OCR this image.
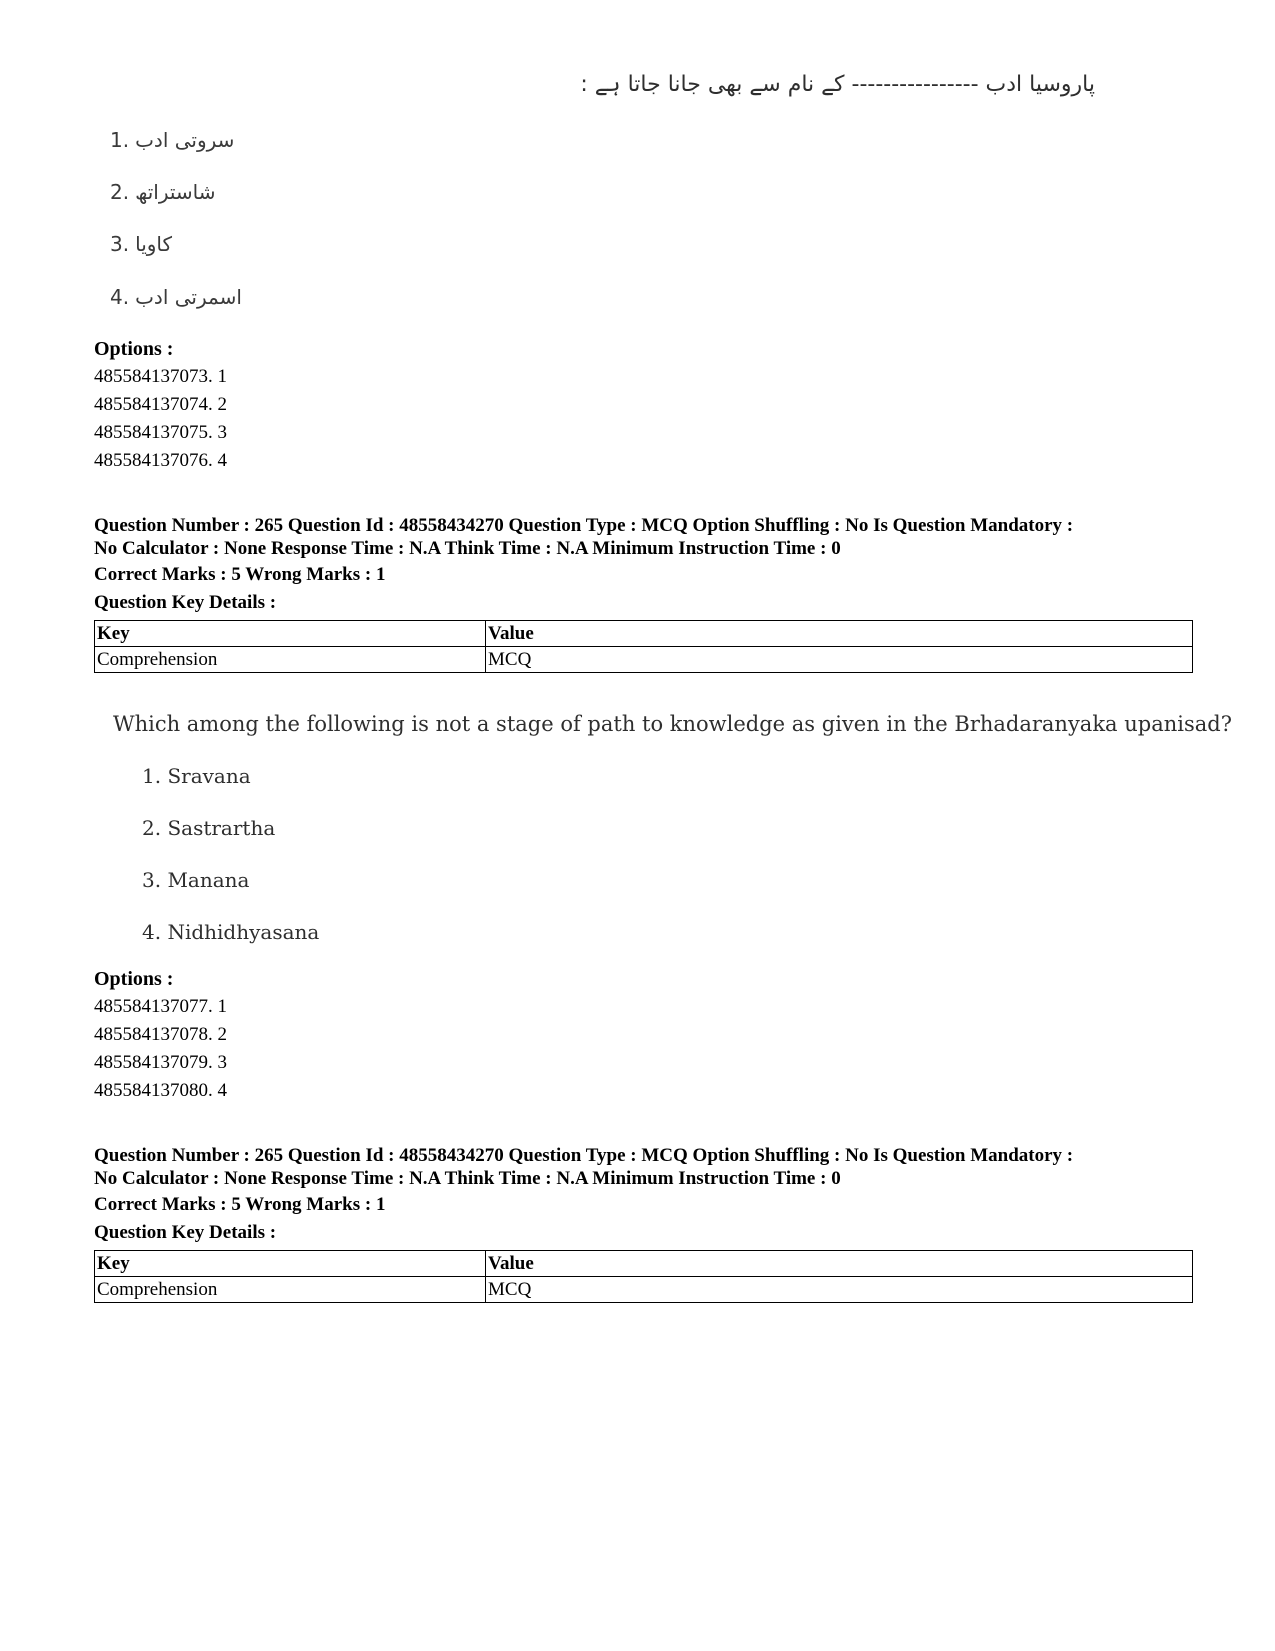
پاروسیا ادب ---------------- کے نام سے بھی جانا جاتا ہے :
1. سروتی ادب
2. شاستراتھ
3. کاویا
4. اسمرتی ادب
Options :
485584137073. 1
485584137074. 2
485584137075. 3
485584137076. 4
Question Number : 265 Question Id : 48558434270 Question Type : MCQ Option Shuffling : No Is Question Mandatory :
No Calculator : None Response Time : N.A Think Time : N.A Minimum Instruction Time : 0
Correct Marks : 5 Wrong Marks : 1
Question Key Details :
Key	Value
Comprehension	MCQ
Which among the following is not a stage of path to knowledge as given in the Brhadaranyaka upanisad?
1. Sravana
2. Sastrartha
3. Manana
4. Nidhidhyasana
Options :
485584137077. 1
485584137078. 2
485584137079. 3
485584137080. 4
Question Number : 265 Question Id : 48558434270 Question Type : MCQ Option Shuffling : No Is Question Mandatory :
No Calculator : None Response Time : N.A Think Time : N.A Minimum Instruction Time : 0
Correct Marks : 5 Wrong Marks : 1
Question Key Details :
Key	Value
Comprehension	MCQ
